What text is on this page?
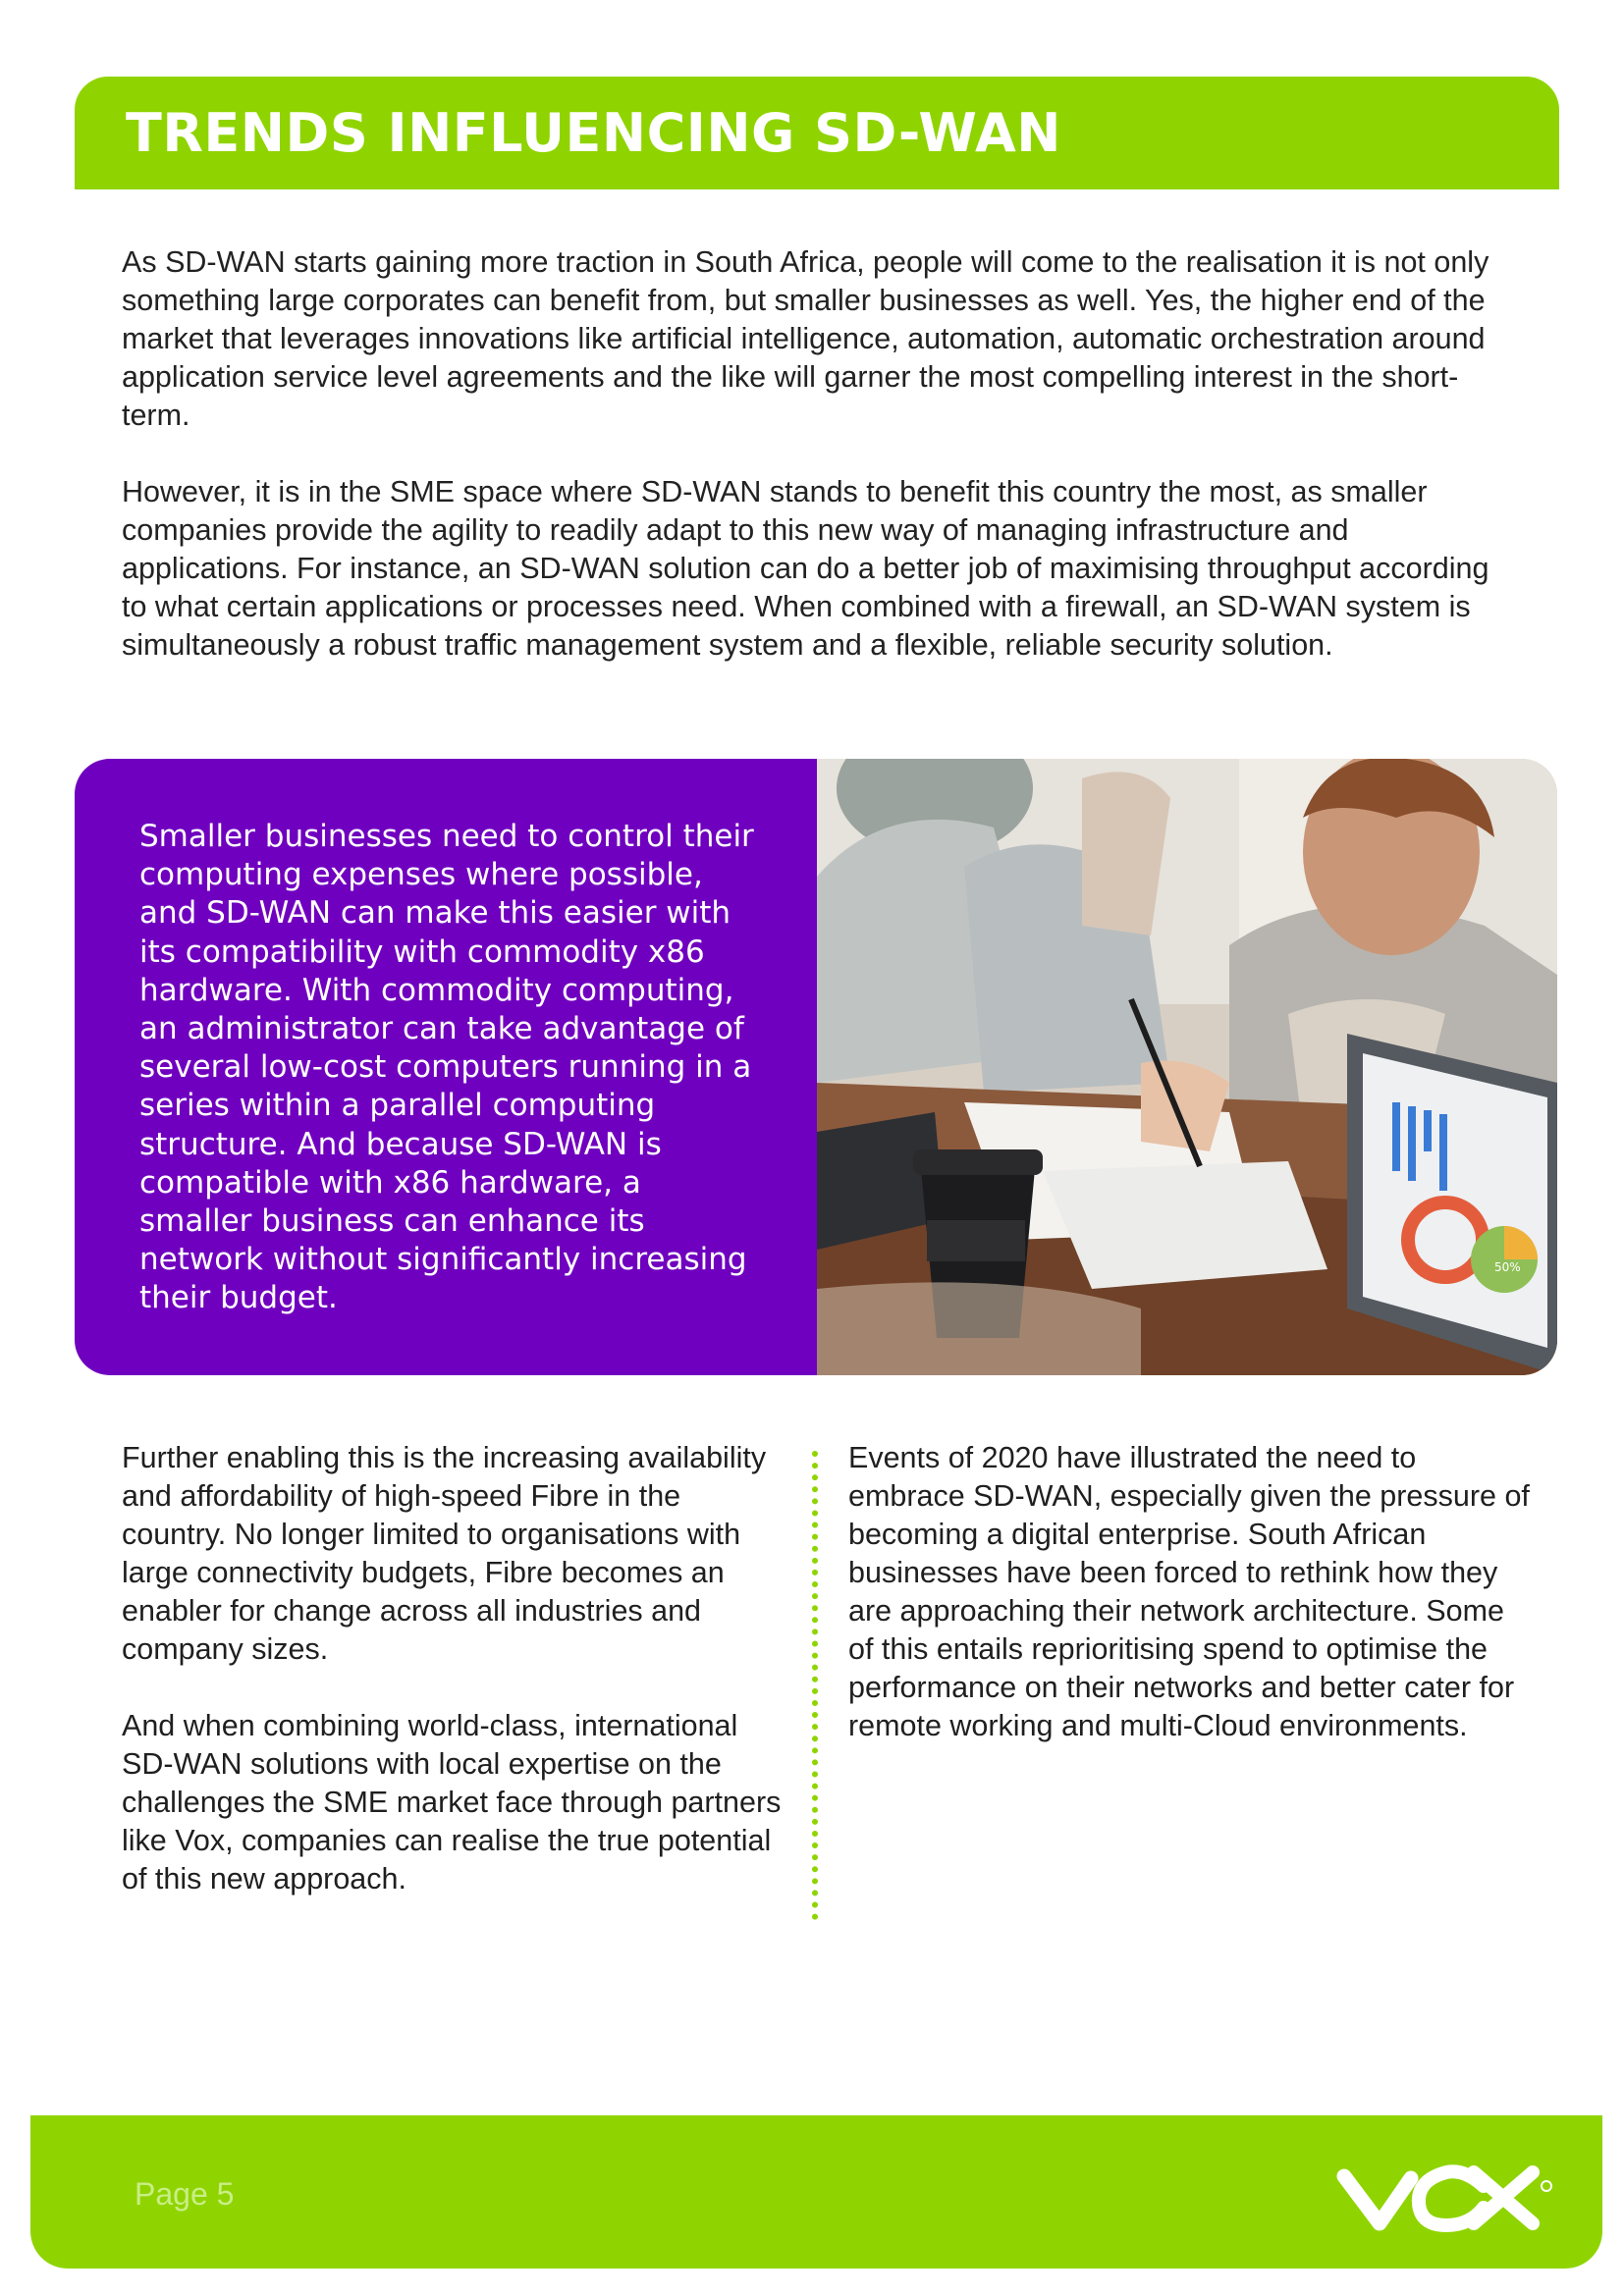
TRENDS INFLUENCING SD-WAN

As SD-WAN starts gaining more traction in South Africa, people will come to the realisation it is not only something large corporates can benefit from, but smaller businesses as well. Yes, the higher end of the market that leverages innovations like artificial intelligence, automation, automatic orchestration around application service level agreements and the like will garner the most compelling interest in the short-term.

However, it is in the SME space where SD-WAN stands to benefit this country the most, as smaller companies provide the agility to readily adapt to this new way of managing infrastructure and applications. For instance, an SD-WAN solution can do a better job of maximising throughput according to what certain applications or processes need. When combined with a firewall, an SD-WAN system is simultaneously a robust traffic management system and a flexible, reliable security solution.

Smaller businesses need to control their computing expenses where possible, and SD-WAN can make this easier with its compatibility with commodity x86 hardware. With commodity computing, an administrator can take advantage of several low-cost computers running in a series within a parallel computing structure. And because SD-WAN is compatible with x86 hardware, a smaller business can enhance its network without significantly increasing their budget.
50%

Further enabling this is the increasing availability and affordability of high-speed Fibre in the country. No longer limited to organisations with large connectivity budgets, Fibre becomes an enabler for change across all industries and company sizes.

And when combining world-class, international SD-WAN solutions with local expertise on the challenges the SME market face through partners like Vox, companies can realise the true potential of this new approach.

Events of 2020 have illustrated the need to embrace SD-WAN, especially given the pressure of becoming a digital enterprise. South African businesses have been forced to rethink how they are approaching their network architecture. Some of this entails reprioritising spend to optimise the performance on their networks and better cater for remote working and multi-Cloud environments.

Page 5
